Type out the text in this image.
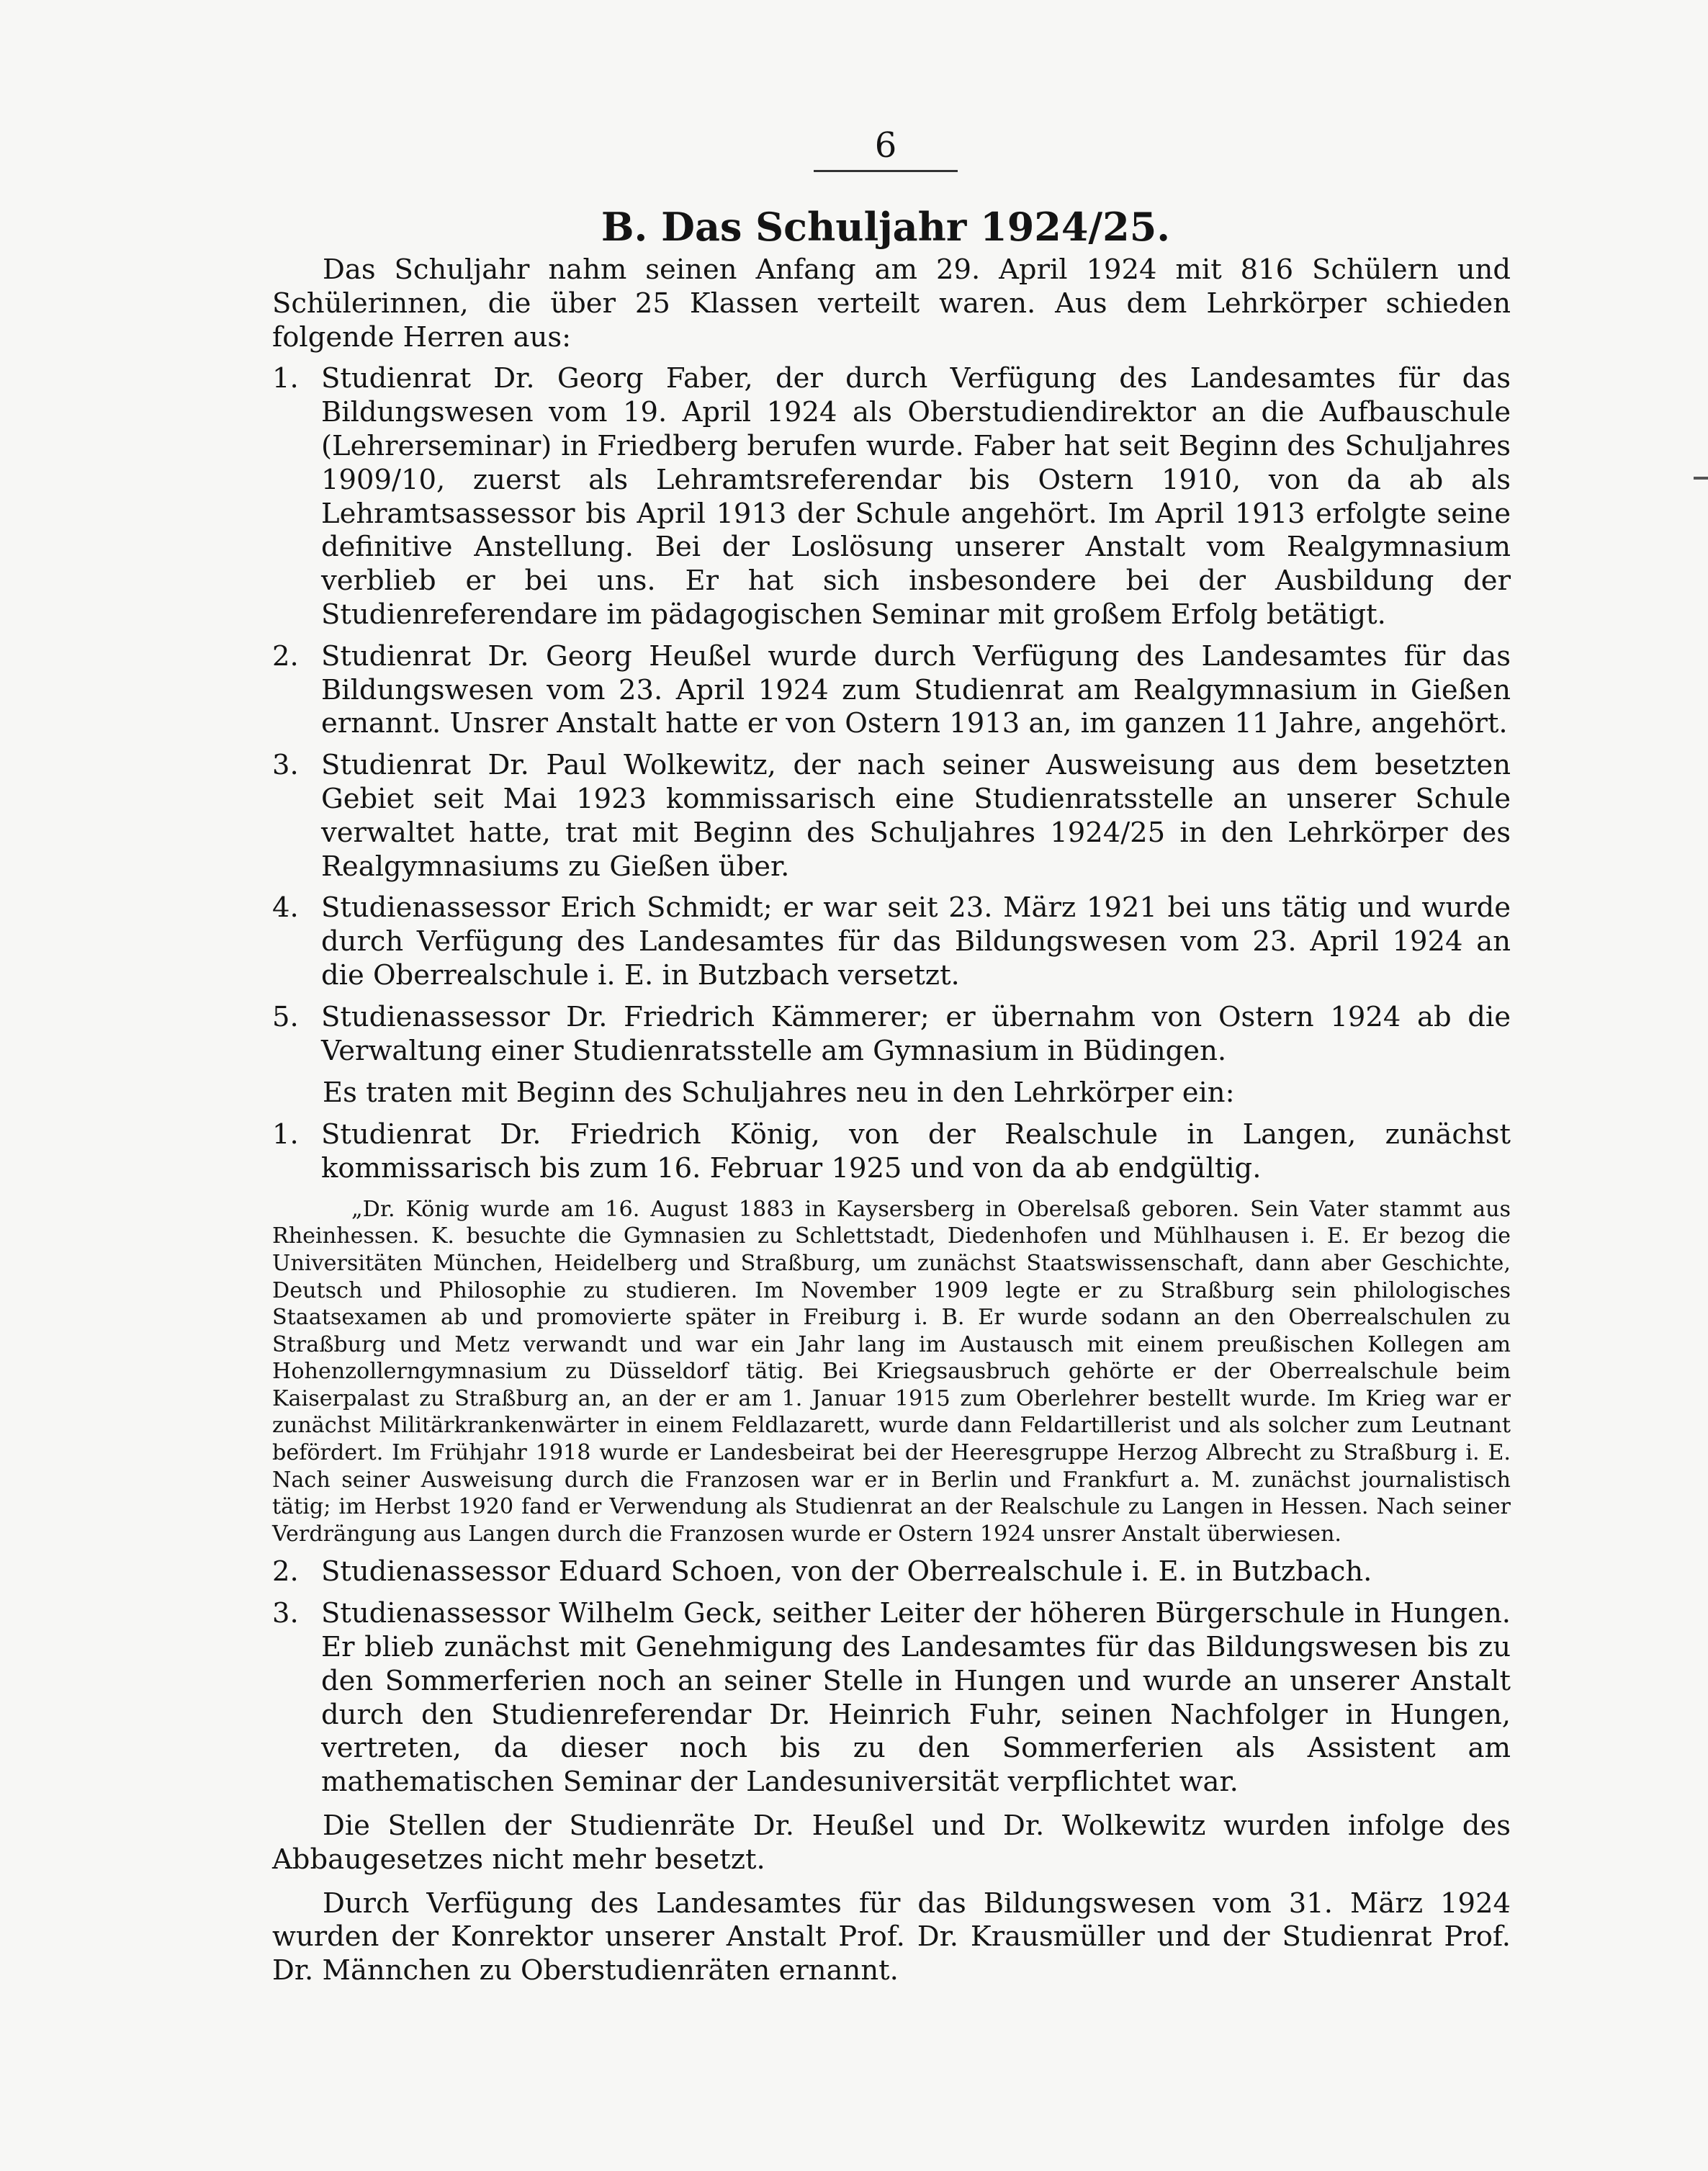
6
B. Das Schuljahr 1924/25.

Das Schuljahr nahm seinen Anfang am 29. April 1924 mit 816 Schülern und Schülerinnen, die über 25 Klassen verteilt waren. Aus dem Lehrkörper schieden folgende Herren aus:

1. Studienrat Dr. Georg Faber, der durch Verfügung des Landesamtes für das Bildungswesen vom 19. April 1924 als Oberstudiendirektor an die Aufbauschule (Lehrerseminar) in Friedberg berufen wurde. Faber hat seit Beginn des Schuljahres 1909/10, zuerst als Lehramtsreferendar bis Ostern 1910, von da ab als Lehramtsassessor bis April 1913 der Schule angehört. Im April 1913 erfolgte seine definitive Anstellung. Bei der Loslösung unserer Anstalt vom Realgymnasium verblieb er bei uns. Er hat sich insbesondere bei der Ausbildung der Studienreferendare im pädagogischen Seminar mit großem Erfolg betätigt.
2. Studienrat Dr. Georg Heußel wurde durch Verfügung des Landesamtes für das Bildungswesen vom 23. April 1924 zum Studienrat am Realgymnasium in Gießen ernannt. Unsrer Anstalt hatte er von Ostern 1913 an, im ganzen 11 Jahre, angehört.
3. Studienrat Dr. Paul Wolkewitz, der nach seiner Ausweisung aus dem besetzten Gebiet seit Mai 1923 kommissarisch eine Studienratsstelle an unserer Schule verwaltet hatte, trat mit Beginn des Schuljahres 1924/25 in den Lehrkörper des Realgymnasiums zu Gießen über.
4. Studienassessor Erich Schmidt; er war seit 23. März 1921 bei uns tätig und wurde durch Verfügung des Landesamtes für das Bildungswesen vom 23. April 1924 an die Oberrealschule i. E. in Butzbach versetzt.
5. Studienassessor Dr. Friedrich Kämmerer; er übernahm von Ostern 1924 ab die Verwaltung einer Studienratsstelle am Gymnasium in Büdingen.

Es traten mit Beginn des Schuljahres neu in den Lehrkörper ein:

1. Studienrat Dr. Friedrich König, von der Realschule in Langen, zunächst kommissarisch bis zum 16. Februar 1925 und von da ab endgültig.

„Dr. König wurde am 16. August 1883 in Kaysersberg in Oberelsaß geboren. Sein Vater stammt aus Rheinhessen. K. besuchte die Gymnasien zu Schlettstadt, Diedenhofen und Mühlhausen i. E. Er bezog die Universitäten München, Heidelberg und Straßburg, um zunächst Staatswissenschaft, dann aber Geschichte, Deutsch und Philosophie zu studieren. Im November 1909 legte er zu Straßburg sein philologisches Staatsexamen ab und promovierte später in Freiburg i. B. Er wurde sodann an den Oberrealschulen zu Straßburg und Metz verwandt und war ein Jahr lang im Austausch mit einem preußischen Kollegen am Hohenzollerngymnasium zu Düsseldorf tätig. Bei Kriegsausbruch gehörte er der Oberrealschule beim Kaiserpalast zu Straßburg an, an der er am 1. Januar 1915 zum Oberlehrer bestellt wurde. Im Krieg war er zunächst Militärkrankenwärter in einem Feldlazarett, wurde dann Feldartillerist und als solcher zum Leutnant befördert. Im Frühjahr 1918 wurde er Landesbeirat bei der Heeresgruppe Herzog Albrecht zu Straßburg i. E. Nach seiner Ausweisung durch die Franzosen war er in Berlin und Frankfurt a. M. zunächst journalistisch tätig; im Herbst 1920 fand er Verwendung als Studienrat an der Realschule zu Langen in Hessen. Nach seiner Verdrängung aus Langen durch die Franzosen wurde er Ostern 1924 unsrer Anstalt überwiesen.

2. Studienassessor Eduard Schoen, von der Oberrealschule i. E. in Butzbach.
3. Studienassessor Wilhelm Geck, seither Leiter der höheren Bürgerschule in Hungen. Er blieb zunächst mit Genehmigung des Landesamtes für das Bildungswesen bis zu den Sommerferien noch an seiner Stelle in Hungen und wurde an unserer Anstalt durch den Studienreferendar Dr. Heinrich Fuhr, seinen Nachfolger in Hungen, vertreten, da dieser noch bis zu den Sommerferien als Assistent am mathematischen Seminar der Landesuniversität verpflichtet war.

Die Stellen der Studienräte Dr. Heußel und Dr. Wolkewitz wurden infolge des Abbaugesetzes nicht mehr besetzt.

Durch Verfügung des Landesamtes für das Bildungswesen vom 31. März 1924 wurden der Konrektor unserer Anstalt Prof. Dr. Krausmüller und der Studienrat Prof. Dr. Männchen zu Oberstudienräten ernannt.
